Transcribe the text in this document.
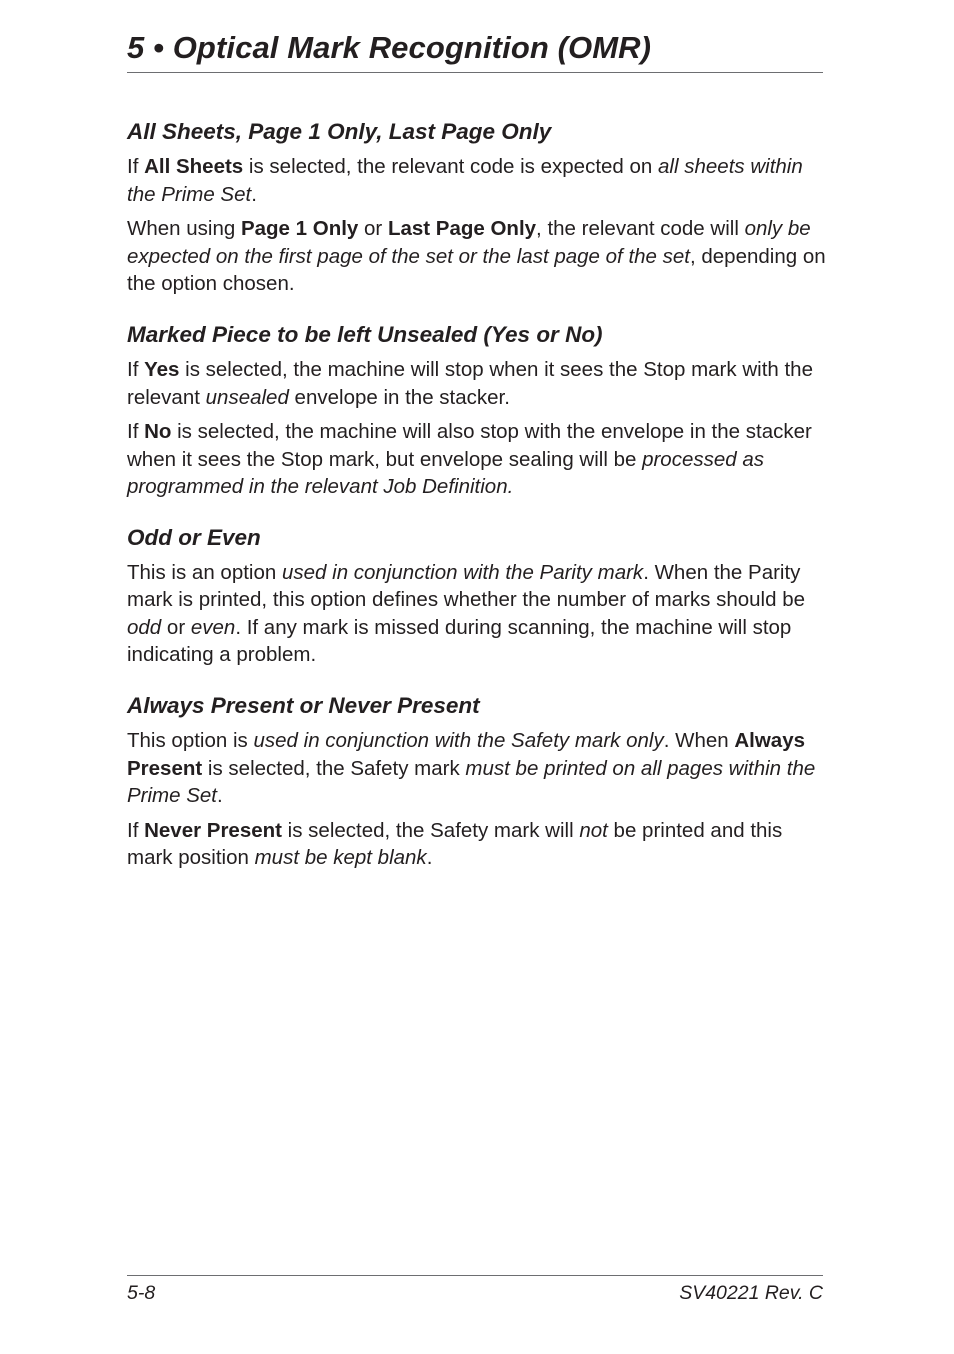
5 • Optical Mark Recognition (OMR)
All Sheets, Page 1 Only, Last Page Only

If All Sheets is selected, the relevant code is expected on all sheets within the Prime Set.

When using Page 1 Only or Last Page Only, the relevant code will only be expected on the first page of the set or the last page of the set, depending on the option chosen.

Marked Piece to be left Unsealed (Yes or No)

If Yes is selected, the machine will stop when it sees the Stop mark with the relevant unsealed envelope in the stacker.

If No is selected, the machine will also stop with the envelope in the stacker when it sees the Stop mark, but envelope sealing will be processed as programmed in the relevant Job Definition.

Odd or Even

This is an option used in conjunction with the Parity mark. When the Parity mark is printed, this option defines whether the number of marks should be odd or even. If any mark is missed during scanning, the machine will stop indicating a problem.

Always Present or Never Present

This option is used in conjunction with the Safety mark only. When Always Present is selected, the Safety mark must be printed on all pages within the Prime Set.

If Never Present is selected, the Safety mark will not be printed and this mark position must be kept blank.

5-8	SV40221 Rev. C
